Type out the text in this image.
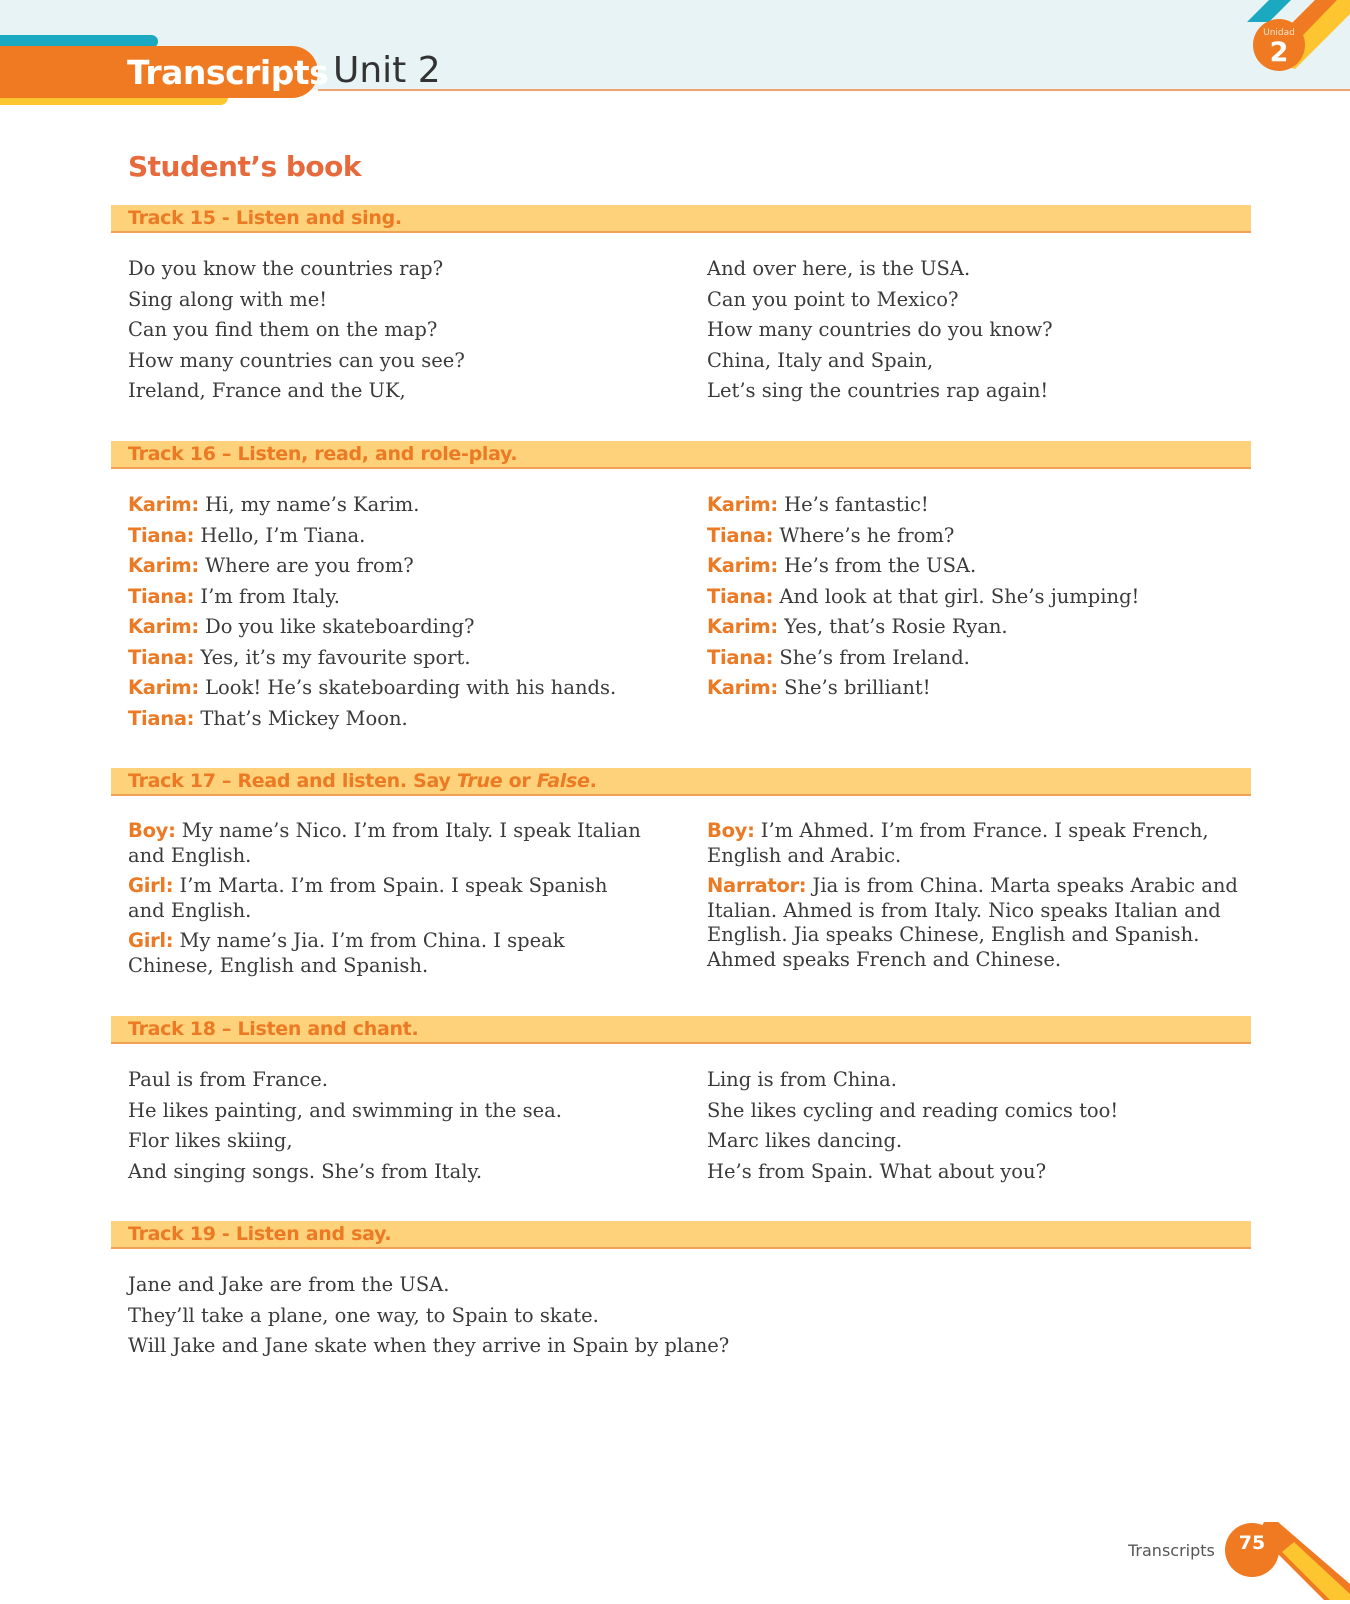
Transcripts Unit 2
Unidad
2
Student’s book
Track 15 - Listen and sing.
Do you know the countries rap?
Sing along with me!
Can you find them on the map?
How many countries can you see?
Ireland, France and the UK,
And over here, is the USA.
Can you point to Mexico?
How many countries do you know?
China, Italy and Spain,
Let’s sing the countries rap again!
Track 16 – Listen, read, and role-play.
Karim: Hi, my name’s Karim.
Tiana: Hello, I’m Tiana.
Karim: Where are you from?
Tiana: I’m from Italy.
Karim: Do you like skateboarding?
Tiana: Yes, it’s my favourite sport.
Karim: Look! He’s skateboarding with his hands.
Tiana: That’s Mickey Moon.
Karim: He’s fantastic!
Tiana: Where’s he from?
Karim: He’s from the USA.
Tiana: And look at that girl. She’s jumping!
Karim: Yes, that’s Rosie Ryan.
Tiana: She’s from Ireland.
Karim: She’s brilliant!
Track 17 – Read and listen. Say True or False.
Boy: My name’s Nico. I’m from Italy. I speak Italian and English.
Girl: I’m Marta. I’m from Spain. I speak Spanish and English.
Girl: My name’s Jia. I’m from China. I speak Chinese, English and Spanish.
Boy: I’m Ahmed. I’m from France. I speak French, English and Arabic.
Narrator: Jia is from China. Marta speaks Arabic and Italian. Ahmed is from Italy. Nico speaks Italian and English. Jia speaks Chinese, English and Spanish. Ahmed speaks French and Chinese.
Track 18 – Listen and chant.
Paul is from France.
He likes painting, and swimming in the sea.
Flor likes skiing,
And singing songs. She’s from Italy.
Ling is from China.
She likes cycling and reading comics too!
Marc likes dancing.
He’s from Spain. What about you?
Track 19 - Listen and say.
Jane and Jake are from the USA.
They’ll take a plane, one way, to Spain to skate.
Will Jake and Jane skate when they arrive in Spain by plane?
Transcripts	75
